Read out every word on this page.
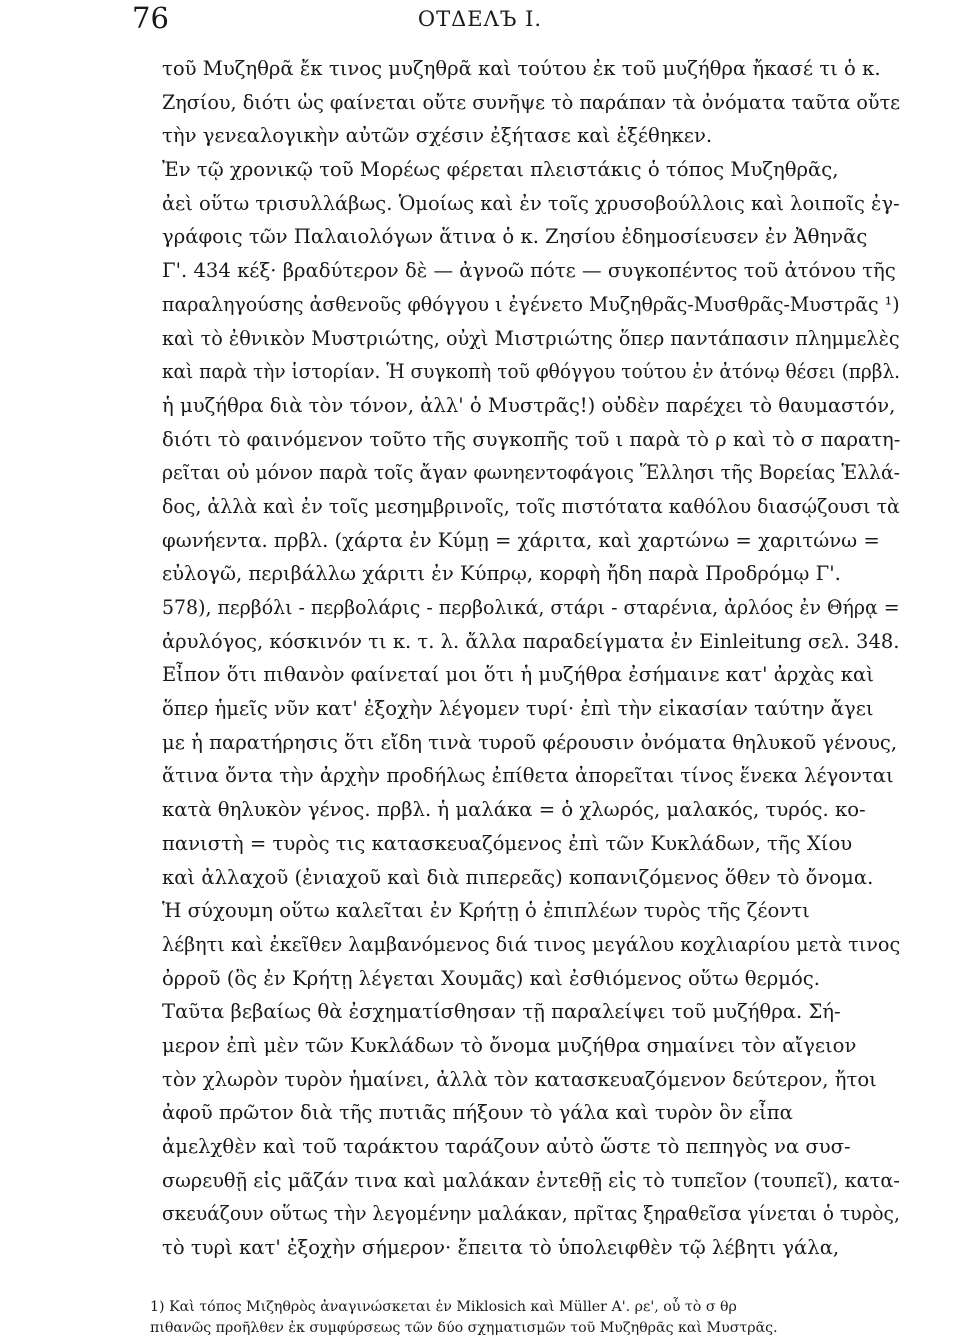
76	ΟΤΔΕΛЪ I.
τοῦ Μυζηθρᾶ ἔκ τινος μυζηθρᾶ καὶ τούτου ἐκ τοῦ μυζήθρα ἤκασέ τι ὁ κ.
Ζησίου, διότι ὡς φαίνεται οὔτε συνῆψε τὸ παράπαν τὰ ὀνόματα ταῦτα οὔτε
τὴν γενεαλογικὴν αὐτῶν σχέσιν ἐξήτασε καὶ ἐξέθηκεν.
Ἐν τῷ χρονικῷ τοῦ Μορέως φέρεται πλειστάκις ὁ τόπος Μυζηθρᾶς,
ἀεὶ οὕτω τρισυλλάβως. Ὁμοίως καὶ ἐν τοῖς χρυσοβούλλοις καὶ λοιποῖς ἐγ-
γράφοις τῶν Παλαιολόγων ἅτινα ὁ κ. Ζησίου ἐδημοσίευσεν ἐν Ἀθηνᾶς
Γ'. 434 κέξ· βραδύτερον δὲ — ἀγνοῶ πότε — συγκοπέντος τοῦ ἀτόνου τῆς
παραληγούσης ἀσθενοῦς φθόγγου ι ἐγένετο Μυζηθρᾶς-Μυσθρᾶς-Μυστρᾶς ¹)
καὶ τὸ ἐθνικὸν Μυστριώτης, οὐχὶ Μιστριώτης ὅπερ παντάπασιν πλημμελὲς
καὶ παρὰ τὴν ἱστορίαν. Ἡ συγκοπὴ τοῦ φθόγγου τούτου ἐν ἀτόνῳ θέσει (πρβλ.
ἡ μυζήθρα διὰ τὸν τόνον, ἀλλ' ὁ Μυστρᾶς!) οὐδὲν παρέχει τὸ θαυμαστόν,
διότι τὸ φαινόμενον τοῦτο τῆς συγκοπῆς τοῦ ι παρὰ τὸ ρ καὶ τὸ σ παρατη-
ρεῖται οὐ μόνον παρὰ τοῖς ἄγαν φωνηεντοφάγοις Ἕλλησι τῆς Βορείας Ἑλλά-
δος, ἀλλὰ καὶ ἐν τοῖς μεσημβρινοῖς, τοῖς πιστότατα καθόλου διασῴζουσι τὰ
φωνήεντα. πρβλ. (χάρτα ἐν Κύμῃ = χάριτα, καὶ χαρτώνω = χαριτώνω =
εὐλογῶ, περιβάλλω χάριτι ἐν Κύπρῳ, κορφὴ ἤδη παρὰ Προδρόμῳ Γ'.
578), περβόλι - περβολάρις - περβολικά, στάρι - σταρένια, ἀρλόος ἐν Θήρᾳ =
ἀρυλόγος, κόσκινόν τι κ. τ. λ. ἄλλα παραδείγματα ἐν Einleitung σελ. 348.
Εἶπον ὅτι πιθανὸν φαίνεταί μοι ὅτι ἡ μυζήθρα ἐσήμαινε κατ' ἀρχὰς καὶ
ὅπερ ἡμεῖς νῦν κατ' ἐξοχὴν λέγομεν τυρί· ἐπὶ τὴν εἰκασίαν ταύτην ἄγει
με ἡ παρατήρησις ὅτι εἴδη τινὰ τυροῦ φέρουσιν ὀνόματα θηλυκοῦ γένους,
ἅτινα ὄντα τὴν ἀρχὴν προδήλως ἐπίθετα ἀπορεῖται τίνος ἕνεκα λέγονται
κατὰ θηλυκὸν γένος. πρβλ. ἡ μαλάκα = ὁ χλωρός, μαλακός, τυρός. κο-
πανιστὴ = τυρὸς τις κατασκευαζόμενος ἐπὶ τῶν Κυκλάδων, τῆς Χίου
καὶ ἀλλαχοῦ (ἐνιαχοῦ καὶ διὰ πιπερεᾶς) κοπανιζόμενος ὅθεν τὸ ὄνομα.
Ἡ σύχουμη οὕτω καλεῖται ἐν Κρήτῃ ὁ ἐπιπλέων τυρὸς τῆς ζέοντι
λέβητι καὶ ἐκεῖθεν λαμβανόμενος διά τινος μεγάλου κοχλιαρίου μετὰ τινος
ὀρροῦ (ὃς ἐν Κρήτῃ λέγεται Χουμᾶς) καὶ ἐσθιόμενος οὕτω θερμός.
Ταῦτα βεβαίως θὰ ἐσχηματίσθησαν τῇ παραλείψει τοῦ μυζήθρα. Σή-
μερον ἐπὶ μὲν τῶν Κυκλάδων τὸ ὄνομα μυζήθρα σημαίνει τὸν αἴγειον
τὸν χλωρὸν τυρὸν ἡμαίνει, ἀλλὰ τὸν κατασκευαζόμενον δεύτερον, ἤτοι
ἀφοῦ πρῶτον διὰ τῆς πυτιᾶς πήξουν τὸ γάλα καὶ τυρὸν ὃν εἶπα
ἀμελχθὲν καὶ τοῦ ταράκτου ταράζουν αὐτὸ ὥστε τὸ πεπηγὸς να συσ-
σωρευθῇ εἰς μᾶζάν τινα καὶ μαλάκαν ἐντεθῇ εἰς τὸ τυπεῖον (τουπεῖ), κατα-
σκευάζουν οὕτως τὴν λεγομένην μαλάκαν, πρῖτας ξηραθεῖσα γίνεται ὁ τυρὸς,
τὸ τυρὶ κατ' ἐξοχὴν σήμερον· ἔπειτα τὸ ὑπολειφθὲν τῷ λέβητι γάλα,
1) Καὶ τόπος Μιζηθρὸς ἀναγινώσκεται ἐν Miklosich καὶ Müller A'. ρε', οὗ τὸ σ θρ
πιθανῶς προῆλθεν ἐκ συμφύρσεως τῶν δύο σχηματισμῶν τοῦ Μυζηθρᾶς καὶ Μυστρᾶς.
